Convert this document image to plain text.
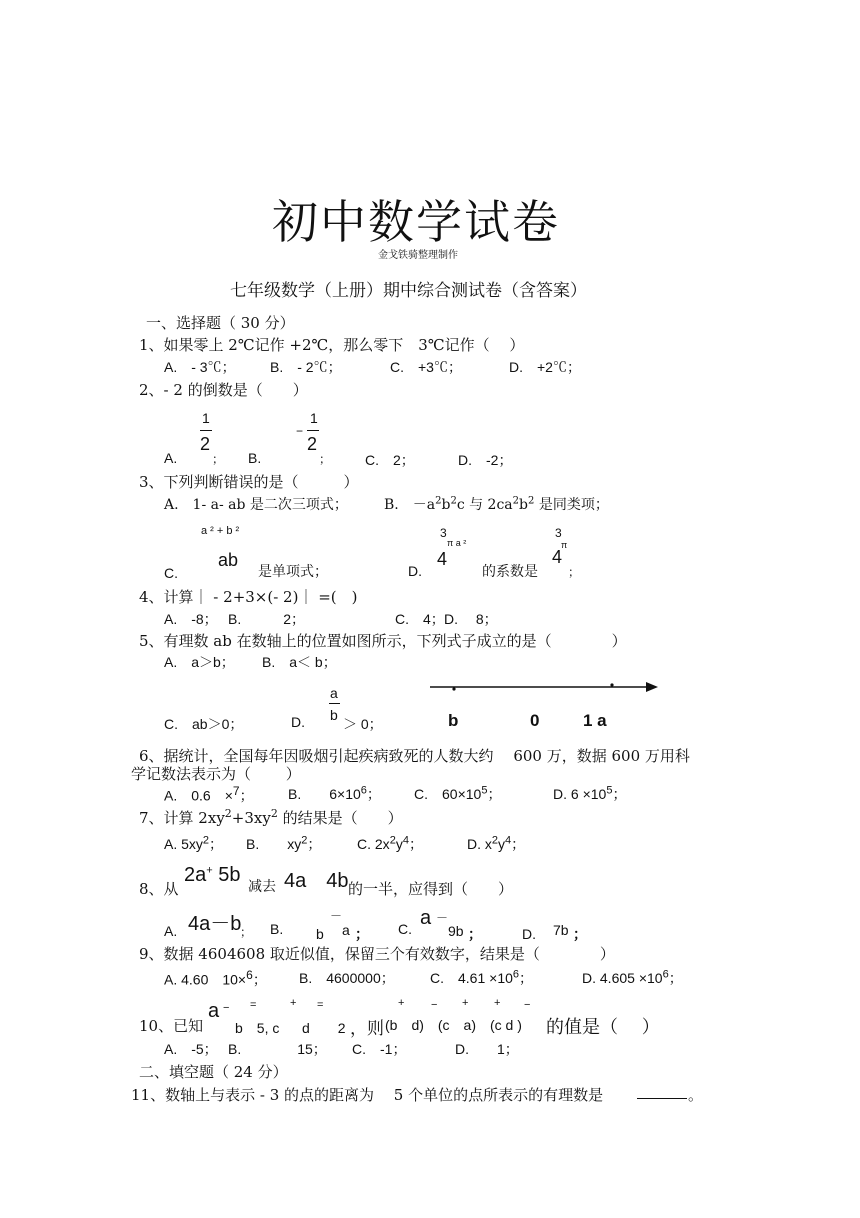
初中数学试卷
金戈铁骑整理制作
七年级数学（上册）期中综合测试卷（含答案）
一、选择题（ 30 分）
1、如果零上 2℃记作 +2℃，那么零下　3℃记作（　 ）
A.　- 3℃； B.　- 2℃；	C.　+3℃；	D.　+2℃；
2、- 2 的倒数是（　　）
1
2
A.	； B.
−
1
2
； C.　2；	D.　-2；
3、下列判断错误的是（　　　）
A.　1- a- ab 是二次三项式；	B.　$-a^2b^2c$ 与 $2ca^2b^2$ 是同类项；
a ² + b ²
ab
C.	是单项式；	D.
3
π a ²
4
的系数是
3
π
4
；
4、计算｜ - 2+3×(- 2)｜ =(　)
A.　-8； B.　　　2；	C.　4； D.　 8；
5、有理数 ab 在数轴上的位置如图所示，下列式子成立的是（　　　　）
A.　a＞b； B.　a＜ b；
C.　ab＞0；	D.
a
b
＞ 0；	b	0	1 a
6、据统计，全国每年因吸烟引起疾病致死的人数大约　 600 万，数据 600 万用科
学记数法表示为（　　 ）
A.　0.6　×$^7$； B.　　$6\times 10^6$； C.　$60\times 10^5$；	D. $6 \times 10^5$；
7、计算 $2xy^2+3xy^2$ 的结果是（　　）
A. $5xy^2$； B.　　$xy^2$；	C. $2x^2y^4$；	D. $x^2y^4$；
8、从
2a+ 5b
减去 4a　4b 的一半，应得到（　　）
A. 4a－b
； B.
－
b a ； C. a －
9b ；	D. 7b ；
9、数据 4604608 取近似值，保留三个有效数字，结果是（　　　　）
A. 4.60　10×$^6$； B.　4600000；	C.　$4.61 \times 10^6$；	D. $4.605 \times 10^6$；
10、已知
a − =
b　5, c
+ =
d　　2 ，则
+ − + + −
(b　d)　(c　a)　(c d ) 的值是（　 ）
A.　-5； B.　　　　15； C.　-1；	D.　　1；
二、填空题（ 24 分）
11、数轴上与表示 - 3 的点的距离为　 5 个单位的点所表示的有理数是	。
